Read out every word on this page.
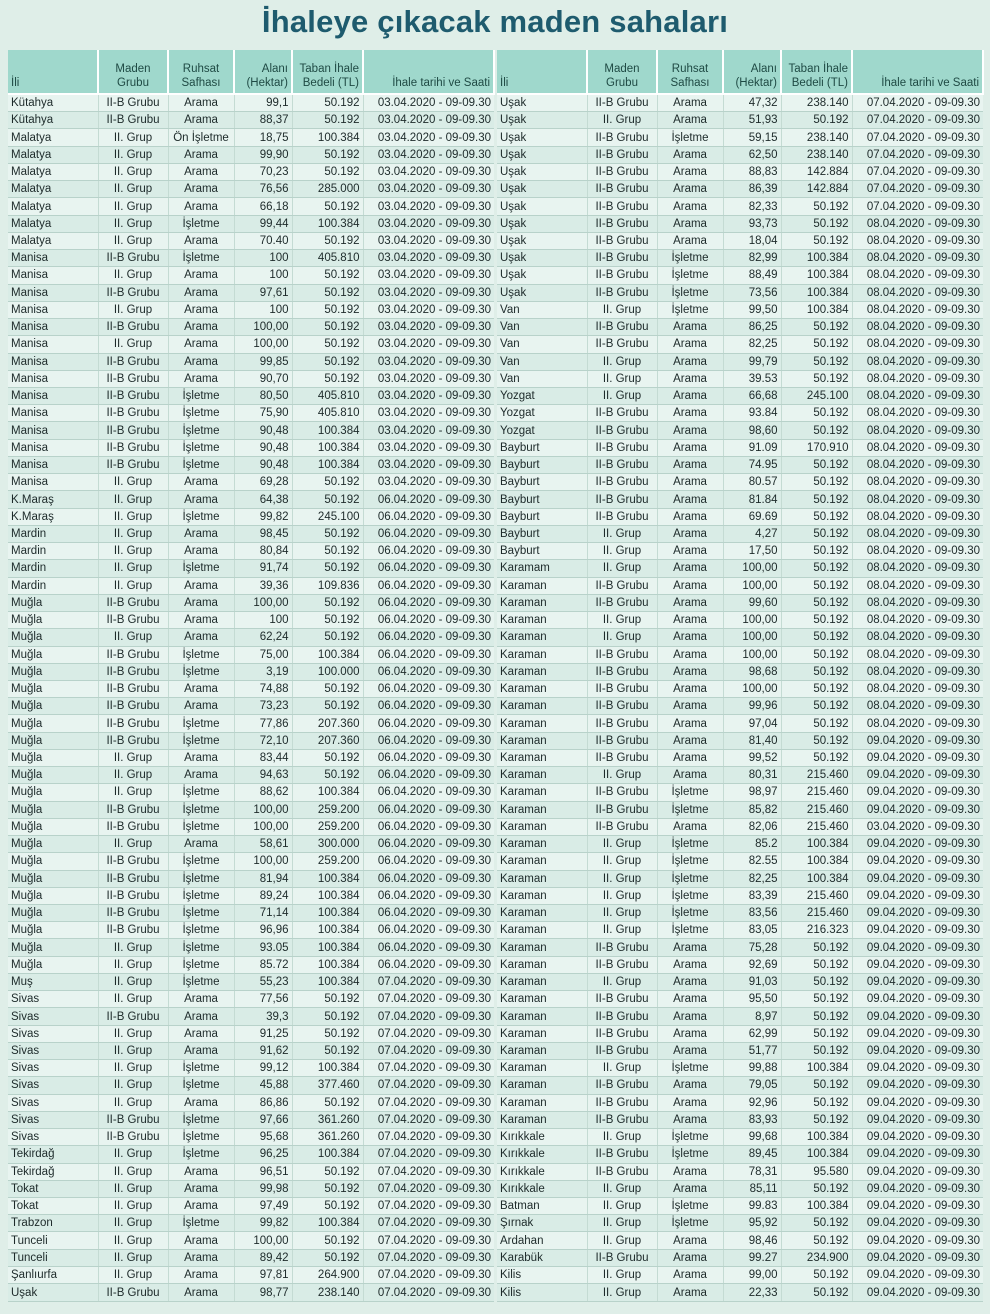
İhaleye çıkacak maden sahaları
İli	Maden Grubu	Ruhsat Safhası	Alanı (Hektar)	Taban İhale Bedeli (TL)	İhale tarihi ve Saati
Kütahya	II-B Grubu	Arama	99,1	50.192	03.04.2020 - 09-09.30
Kütahya	II-B Grubu	Arama	88,37	50.192	03.04.2020 - 09-09.30
Malatya	II. Grup	Ön İşletme	18,75	100.384	03.04.2020 - 09-09.30
Malatya	II. Grup	Arama	99,90	50.192	03.04.2020 - 09-09.30
Malatya	II. Grup	Arama	70,23	50.192	03.04.2020 - 09-09.30
Malatya	II. Grup	Arama	76,56	285.000	03.04.2020 - 09-09.30
Malatya	II. Grup	Arama	66,18	50.192	03.04.2020 - 09-09.30
Malatya	II. Grup	İşletme	99,44	100.384	03.04.2020 - 09-09.30
Malatya	II. Grup	Arama	70.40	50.192	03.04.2020 - 09-09.30
Manisa	II-B Grubu	İşletme	100	405.810	03.04.2020 - 09-09.30
Manisa	II. Grup	Arama	100	50.192	03.04.2020 - 09-09.30
Manisa	II-B Grubu	Arama	97,61	50.192	03.04.2020 - 09-09.30
Manisa	II. Grup	Arama	100	50.192	03.04.2020 - 09-09.30
Manisa	II-B Grubu	Arama	100,00	50.192	03.04.2020 - 09-09.30
Manisa	II. Grup	Arama	100,00	50.192	03.04.2020 - 09-09.30
Manisa	II-B Grubu	Arama	99,85	50.192	03.04.2020 - 09-09.30
Manisa	II-B Grubu	Arama	90,70	50.192	03.04.2020 - 09-09.30
Manisa	II-B Grubu	İşletme	80,50	405.810	03.04.2020 - 09-09.30
Manisa	II-B Grubu	İşletme	75,90	405.810	03.04.2020 - 09-09.30
Manisa	II-B Grubu	İşletme	90,48	100.384	03.04.2020 - 09-09.30
Manisa	II-B Grubu	İşletme	90,48	100.384	03.04.2020 - 09-09.30
Manisa	II-B Grubu	İşletme	90,48	100.384	03.04.2020 - 09-09.30
Manisa	II. Grup	Arama	69,28	50.192	03.04.2020 - 09-09.30
K.Maraş	II. Grup	Arama	64,38	50.192	06.04.2020 - 09-09.30
K.Maraş	II. Grup	İşletme	99,82	245.100	06.04.2020 - 09-09.30
Mardin	II. Grup	Arama	98,45	50.192	06.04.2020 - 09-09.30
Mardin	II. Grup	Arama	80,84	50.192	06.04.2020 - 09-09.30
Mardin	II. Grup	İşletme	91,74	50.192	06.04.2020 - 09-09.30
Mardin	II. Grup	Arama	39,36	109.836	06.04.2020 - 09-09.30
Muğla	II-B Grubu	Arama	100,00	50.192	06.04.2020 - 09-09.30
Muğla	II-B Grubu	Arama	100	50.192	06.04.2020 - 09-09.30
Muğla	II. Grup	Arama	62,24	50.192	06.04.2020 - 09-09.30
Muğla	II-B Grubu	İşletme	75,00	100.384	06.04.2020 - 09-09.30
Muğla	II-B Grubu	İşletme	3,19	100.000	06.04.2020 - 09-09.30
Muğla	II-B Grubu	Arama	74,88	50.192	06.04.2020 - 09-09.30
Muğla	II-B Grubu	Arama	73,23	50.192	06.04.2020 - 09-09.30
Muğla	II-B Grubu	İşletme	77,86	207.360	06.04.2020 - 09-09.30
Muğla	II-B Grubu	İşletme	72,10	207.360	06.04.2020 - 09-09.30
Muğla	II. Grup	Arama	83,44	50.192	06.04.2020 - 09-09.30
Muğla	II. Grup	Arama	94,63	50.192	06.04.2020 - 09-09.30
Muğla	II. Grup	İşletme	88,62	100.384	06.04.2020 - 09-09.30
Muğla	II-B Grubu	İşletme	100,00	259.200	06.04.2020 - 09-09.30
Muğla	II-B Grubu	İşletme	100,00	259.200	06.04.2020 - 09-09.30
Muğla	II. Grup	Arama	58,61	300.000	06.04.2020 - 09-09.30
Muğla	II-B Grubu	İşletme	100,00	259.200	06.04.2020 - 09-09.30
Muğla	II-B Grubu	İşletme	81,94	100.384	06.04.2020 - 09-09.30
Muğla	II-B Grubu	İşletme	89,24	100.384	06.04.2020 - 09-09.30
Muğla	II-B Grubu	İşletme	71,14	100.384	06.04.2020 - 09-09.30
Muğla	II-B Grubu	İşletme	96,96	100.384	06.04.2020 - 09-09.30
Muğla	II. Grup	İşletme	93.05	100.384	06.04.2020 - 09-09.30
Muğla	II. Grup	İşletme	85.72	100.384	06.04.2020 - 09-09.30
Muş	II. Grup	İşletme	55,23	100.384	07.04.2020 - 09-09.30
Sivas	II. Grup	Arama	77,56	50.192	07.04.2020 - 09-09.30
Sivas	II-B Grubu	Arama	39,3	50.192	07.04.2020 - 09-09.30
Sivas	II. Grup	Arama	91,25	50.192	07.04.2020 - 09-09.30
Sivas	II. Grup	Arama	91,62	50.192	07.04.2020 - 09-09.30
Sivas	II. Grup	İşletme	99,12	100.384	07.04.2020 - 09-09.30
Sivas	II. Grup	İşletme	45,88	377.460	07.04.2020 - 09-09.30
Sivas	II. Grup	Arama	86,86	50.192	07.04.2020 - 09-09.30
Sivas	II-B Grubu	İşletme	97,66	361.260	07.04.2020 - 09-09.30
Sivas	II-B Grubu	İşletme	95,68	361.260	07.04.2020 - 09-09.30
Tekirdağ	II. Grup	İşletme	96,25	100.384	07.04.2020 - 09-09.30
Tekirdağ	II. Grup	Arama	96,51	50.192	07.04.2020 - 09-09.30
Tokat	II. Grup	Arama	99,98	50.192	07.04.2020 - 09-09.30
Tokat	II. Grup	Arama	97,49	50.192	07.04.2020 - 09-09.30
Trabzon	II. Grup	İşletme	99,82	100.384	07.04.2020 - 09-09.30
Tunceli	II. Grup	Arama	100,00	50.192	07.04.2020 - 09-09.30
Tunceli	II. Grup	Arama	89,42	50.192	07.04.2020 - 09-09.30
Şanlıurfa	II. Grup	Arama	97,81	264.900	07.04.2020 - 09-09.30
Uşak	II-B Grubu	Arama	98,77	238.140	07.04.2020 - 09-09.30
İli	Maden Grubu	Ruhsat Safhası	Alanı (Hektar)	Taban İhale Bedeli (TL)	İhale tarihi ve Saati
Uşak	II-B Grubu	Arama	47,32	238.140	07.04.2020 - 09-09.30
Uşak	II. Grup	Arama	51,93	50.192	07.04.2020 - 09-09.30
Uşak	II-B Grubu	İşletme	59,15	238.140	07.04.2020 - 09-09.30
Uşak	II-B Grubu	Arama	62,50	238.140	07.04.2020 - 09-09.30
Uşak	II-B Grubu	Arama	88,83	142.884	07.04.2020 - 09-09.30
Uşak	II-B Grubu	Arama	86,39	142.884	07.04.2020 - 09-09.30
Uşak	II-B Grubu	Arama	82,33	50.192	07.04.2020 - 09-09.30
Uşak	II-B Grubu	Arama	93,73	50.192	08.04.2020 - 09-09.30
Uşak	II-B Grubu	Arama	18,04	50.192	08.04.2020 - 09-09.30
Uşak	II-B Grubu	İşletme	82,99	100.384	08.04.2020 - 09-09.30
Uşak	II-B Grubu	İşletme	88,49	100.384	08.04.2020 - 09-09.30
Uşak	II-B Grubu	İşletme	73,56	100.384	08.04.2020 - 09-09.30
Van	II. Grup	İşletme	99,50	100.384	08.04.2020 - 09-09.30
Van	II-B Grubu	Arama	86,25	50.192	08.04.2020 - 09-09.30
Van	II-B Grubu	Arama	82,25	50.192	08.04.2020 - 09-09.30
Van	II. Grup	Arama	99,79	50.192	08.04.2020 - 09-09.30
Van	II. Grup	Arama	39.53	50.192	08.04.2020 - 09-09.30
Yozgat	II. Grup	Arama	66,68	245.100	08.04.2020 - 09-09.30
Yozgat	II-B Grubu	Arama	93.84	50.192	08.04.2020 - 09-09.30
Yozgat	II-B Grubu	Arama	98,60	50.192	08.04.2020 - 09-09.30
Bayburt	II-B Grubu	Arama	91.09	170.910	08.04.2020 - 09-09.30
Bayburt	II-B Grubu	Arama	74.95	50.192	08.04.2020 - 09-09.30
Bayburt	II-B Grubu	Arama	80.57	50.192	08.04.2020 - 09-09.30
Bayburt	II-B Grubu	Arama	81.84	50.192	08.04.2020 - 09-09.30
Bayburt	II-B Grubu	Arama	69.69	50.192	08.04.2020 - 09-09.30
Bayburt	II. Grup	Arama	4,27	50.192	08.04.2020 - 09-09.30
Bayburt	II. Grup	Arama	17,50	50.192	08.04.2020 - 09-09.30
Karamam	II. Grup	Arama	100,00	50.192	08.04.2020 - 09-09.30
Karaman	II-B Grubu	Arama	100,00	50.192	08.04.2020 - 09-09.30
Karaman	II-B Grubu	Arama	99,60	50.192	08.04.2020 - 09-09.30
Karaman	II. Grup	Arama	100,00	50.192	08.04.2020 - 09-09.30
Karaman	II. Grup	Arama	100,00	50.192	08.04.2020 - 09-09.30
Karaman	II-B Grubu	Arama	100,00	50.192	08.04.2020 - 09-09.30
Karaman	II-B Grubu	Arama	98,68	50.192	08.04.2020 - 09-09.30
Karaman	II-B Grubu	Arama	100,00	50.192	08.04.2020 - 09-09.30
Karaman	II-B Grubu	Arama	99,96	50.192	08.04.2020 - 09-09.30
Karaman	II-B Grubu	Arama	97,04	50.192	08.04.2020 - 09-09.30
Karaman	II-B Grubu	Arama	81,40	50.192	09.04.2020 - 09-09.30
Karaman	II-B Grubu	Arama	99,52	50.192	09.04.2020 - 09-09.30
Karaman	II. Grup	Arama	80,31	215.460	09.04.2020 - 09-09.30
Karaman	II-B Grubu	İşletme	98,97	215.460	09.04.2020 - 09-09.30
Karaman	II-B Grubu	İşletme	85,82	215.460	09.04.2020 - 09-09.30
Karaman	II-B Grubu	Arama	82,06	215.460	03.04.2020 - 09-09.30
Karaman	II. Grup	İşletme	85.2	100.384	09.04.2020 - 09-09.30
Karaman	II. Grup	İşletme	82.55	100.384	09.04.2020 - 09-09.30
Karaman	II. Grup	İşletme	82,25	100.384	09.04.2020 - 09-09.30
Karaman	II. Grup	İşletme	83,39	215.460	09.04.2020 - 09-09.30
Karaman	II. Grup	İşletme	83,56	215.460	09.04.2020 - 09-09.30
Karaman	II. Grup	İşletme	83,05	216.323	09.04.2020 - 09-09.30
Karaman	II-B Grubu	Arama	75,28	50.192	09.04.2020 - 09-09.30
Karaman	II-B Grubu	Arama	92,69	50.192	09.04.2020 - 09-09.30
Karaman	II. Grup	Arama	91,03	50.192	09.04.2020 - 09-09.30
Karaman	II-B Grubu	Arama	95,50	50.192	09.04.2020 - 09-09.30
Karaman	II-B Grubu	Arama	8,97	50.192	09.04.2020 - 09-09.30
Karaman	II-B Grubu	Arama	62,99	50.192	09.04.2020 - 09-09.30
Karaman	II-B Grubu	Arama	51,77	50.192	09.04.2020 - 09-09.30
Karaman	II. Grup	İşletme	99,88	100.384	09.04.2020 - 09-09.30
Karaman	II-B Grubu	Arama	79,05	50.192	09.04.2020 - 09-09.30
Karaman	II-B Grubu	Arama	92,96	50.192	09.04.2020 - 09-09.30
Karaman	II-B Grubu	Arama	83,93	50.192	09.04.2020 - 09-09.30
Kırıkkale	II. Grup	İşletme	99,68	100.384	09.04.2020 - 09-09.30
Kırıkkale	II-B Grubu	İşletme	89,45	100.384	09.04.2020 - 09-09.30
Kırıkkale	II-B Grubu	Arama	78,31	95.580	09.04.2020 - 09-09.30
Kırıkkale	II. Grup	Arama	85,11	50.192	09.04.2020 - 09-09.30
Batman	II. Grup	İşletme	99.83	100.384	09.04.2020 - 09-09.30
Şırnak	II. Grup	İşletme	95,92	50.192	09.04.2020 - 09-09.30
Ardahan	II. Grup	Arama	98,46	50.192	09.04.2020 - 09-09.30
Karabük	II-B Grubu	Arama	99.27	234.900	09.04.2020 - 09-09.30
Kilis	II. Grup	Arama	99,00	50.192	09.04.2020 - 09-09.30
Kilis	II. Grup	Arama	22,33	50.192	09.04.2020 - 09-09.30
